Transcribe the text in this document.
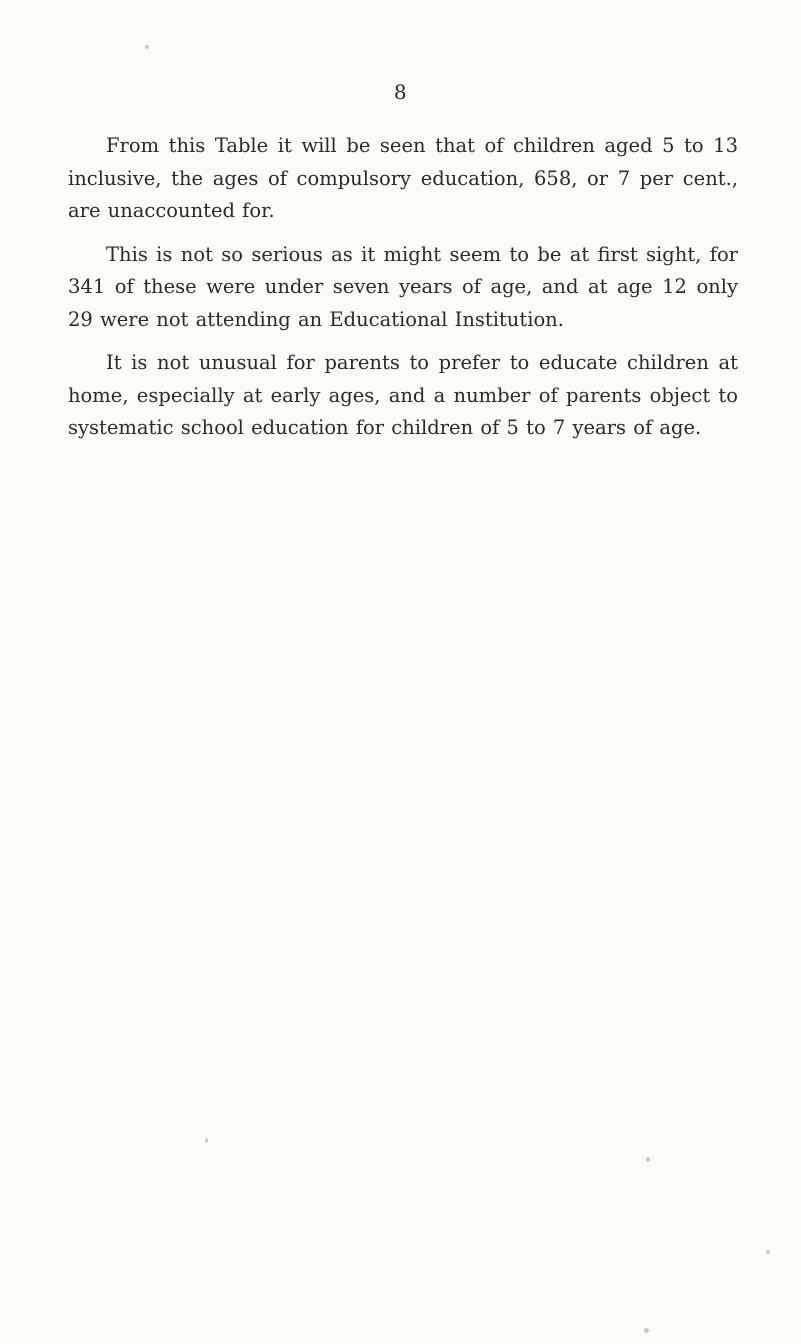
8

From this Table it will be seen that of children aged 5 to 13 inclusive, the ages of compulsory education, 658, or 7 per cent., are unaccounted for.

This is not so serious as it might seem to be at first sight, for 341 of these were under seven years of age, and at age 12 only 29 were not attending an Educational Institution.

It is not unusual for parents to prefer to educate children at home, especially at early ages, and a number of parents object to systematic school education for children of 5 to 7 years of age.
